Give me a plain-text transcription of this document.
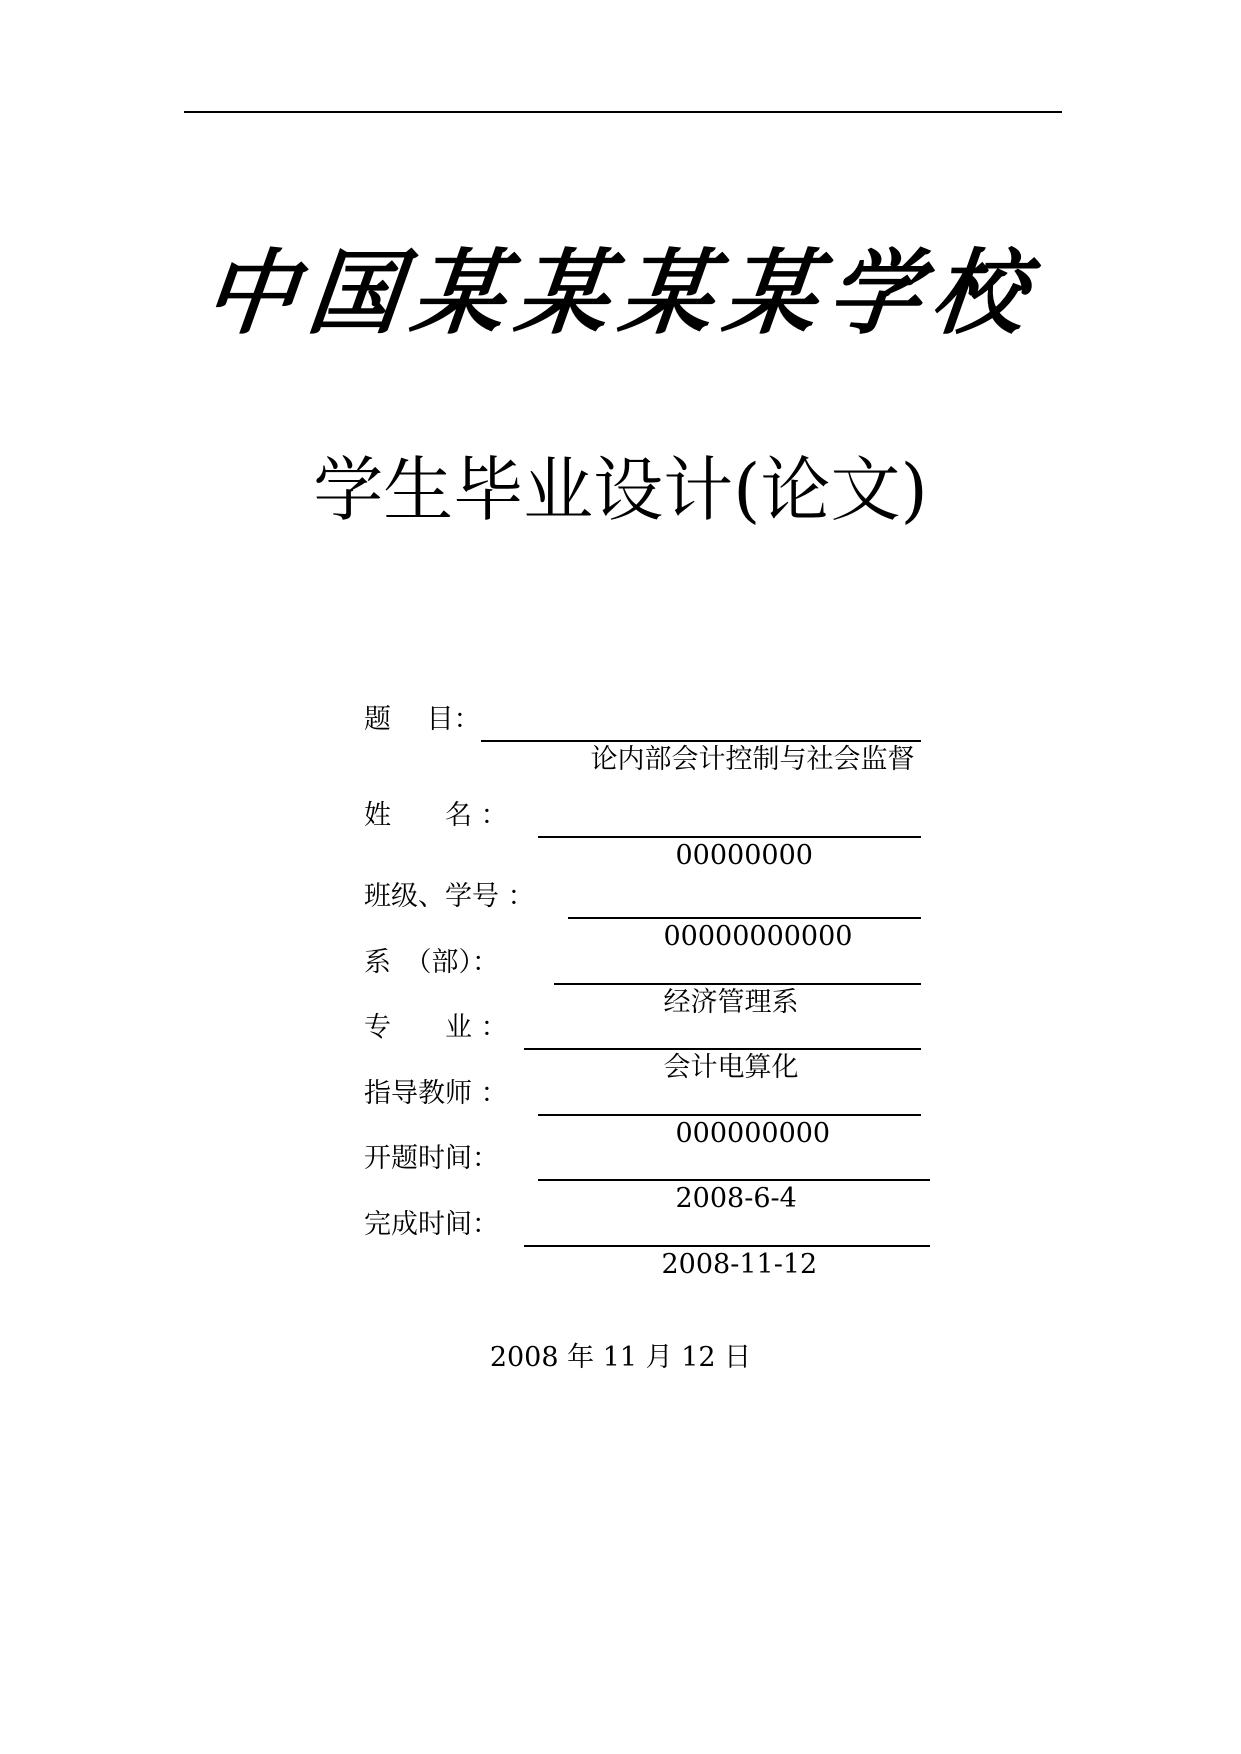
中国某某某某学校
学生毕业设计(论文)
题　 目：

论内部会计控制与社会监督

姓　　名 ：

00000000

班级、学号 ：

00000000000

系　（部）：

经济管理系

专　　业 ：

会计电算化

指导教师 ：

000000000

开题时间：

2008-6-4

完成时间：

2008-11-12

2008 年 11 月 12 日
